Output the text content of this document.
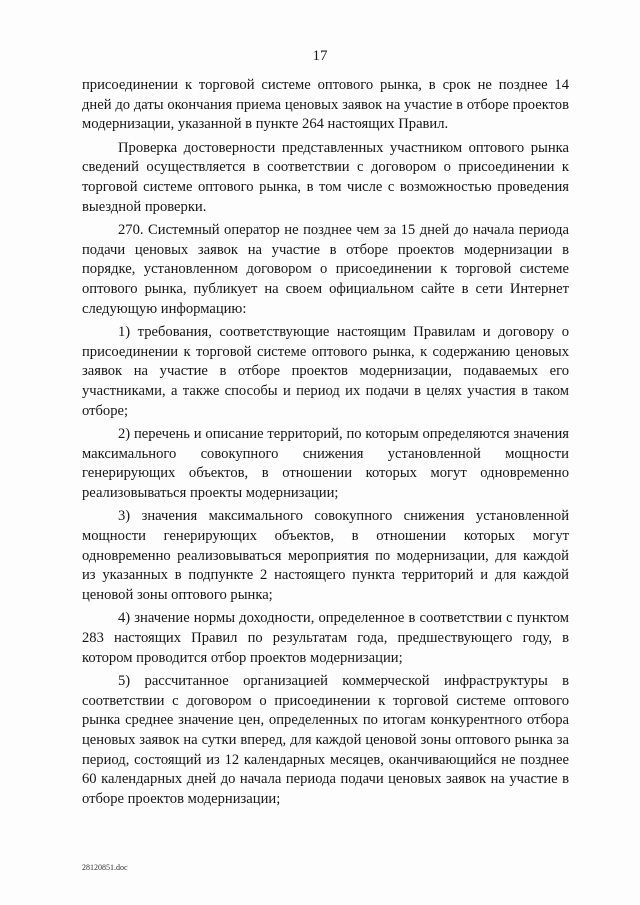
17

присоединении к торговой системе оптового рынка, в срок не позднее 14 дней до даты окончания приема ценовых заявок на участие в отборе проектов модернизации, указанной в пункте 264 настоящих Правил.

Проверка достоверности представленных участником оптового рынка сведений осуществляется в соответствии с договором о присоединении к торговой системе оптового рынка, в том числе с возможностью проведения выездной проверки.

270. Системный оператор не позднее чем за 15 дней до начала периода подачи ценовых заявок на участие в отборе проектов модернизации в порядке, установленном договором о присоединении к торговой системе оптового рынка, публикует на своем официальном сайте в сети Интернет следующую информацию:

1) требования, соответствующие настоящим Правилам и договору о присоединении к торговой системе оптового рынка, к содержанию ценовых заявок на участие в отборе проектов модернизации, подаваемых его участниками, а также способы и период их подачи в целях участия в таком отборе;

2) перечень и описание территорий, по которым определяются значения максимального совокупного снижения установленной мощности генерирующих объектов, в отношении которых могут одновременно реализовываться проекты модернизации;

3) значения максимального совокупного снижения установленной мощности генерирующих объектов, в отношении которых могут одновременно реализовываться мероприятия по модернизации, для каждой из указанных в подпункте 2 настоящего пункта территорий и для каждой ценовой зоны оптового рынка;

4) значение нормы доходности, определенное в соответствии с пунктом 283 настоящих Правил по результатам года, предшествующего году, в котором проводится отбор проектов модернизации;

5) рассчитанное организацией коммерческой инфраструктуры в соответствии с договором о присоединении к торговой системе оптового рынка среднее значение цен, определенных по итогам конкурентного отбора ценовых заявок на сутки вперед, для каждой ценовой зоны оптового рынка за период, состоящий из 12 календарных месяцев, оканчивающийся не позднее 60 календарных дней до начала периода подачи ценовых заявок на участие в отборе проектов модернизации;

28120851.doc
